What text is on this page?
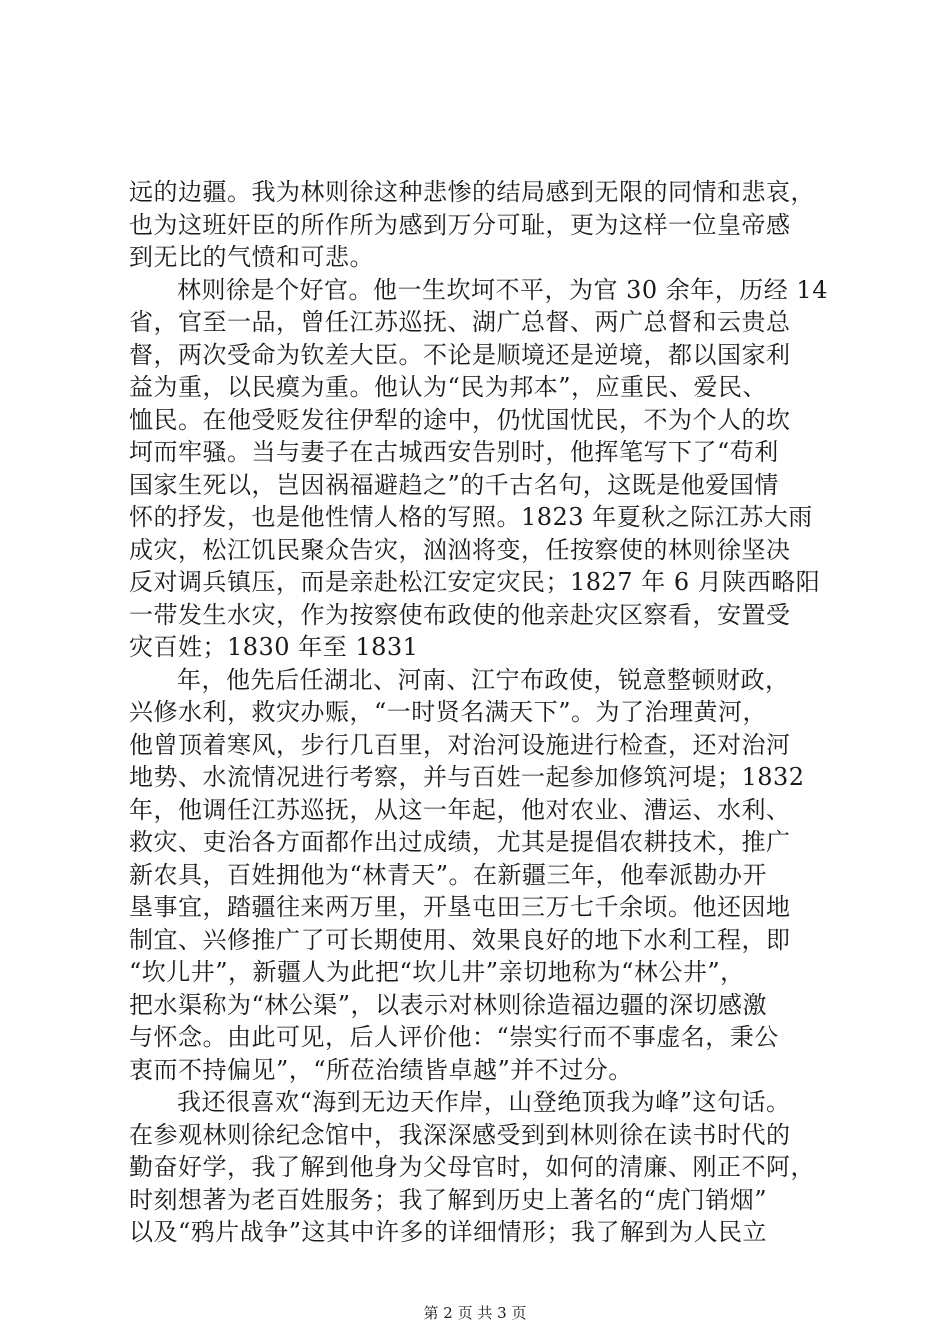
远的边疆。我为林则徐这种悲惨的结局感到无限的同情和悲哀，
也为这班奸臣的所作所为感到万分可耻，更为这样一位皇帝感
到无比的气愤和可悲。
林则徐是个好官。他一生坎坷不平，为官 30 余年，历经 14
省，官至一品，曾任江苏巡抚、湖广总督、两广总督和云贵总
督，两次受命为钦差大臣。不论是顺境还是逆境，都以国家利
益为重，以民瘼为重。他认为“民为邦本”，应重民、爱民、
恤民。在他受贬发往伊犁的途中，仍忧国忧民，不为个人的坎
坷而牢骚。当与妻子在古城西安告别时，他挥笔写下了“苟利
国家生死以，岂因祸福避趋之”的千古名句，这既是他爱国情
怀的抒发，也是他性情人格的写照。1823 年夏秋之际江苏大雨
成灾，松江饥民聚众告灾，汹汹将变，任按察使的林则徐坚决
反对调兵镇压，而是亲赴松江安定灾民；1827 年 6 月陕西略阳
一带发生水灾，作为按察使布政使的他亲赴灾区察看，安置受
灾百姓；1830 年至 1831
年，他先后任湖北、河南、江宁布政使，锐意整顿财政，
兴修水利，救灾办赈，“一时贤名满天下”。为了治理黄河，
他曾顶着寒风，步行几百里，对治河设施进行检查，还对治河
地势、水流情况进行考察，并与百姓一起参加修筑河堤；1832
年，他调任江苏巡抚，从这一年起，他对农业、漕运、水利、
救灾、吏治各方面都作出过成绩，尤其是提倡农耕技术，推广
新农具，百姓拥他为“林青天”。在新疆三年，他奉派勘办开
垦事宜，踏疆往来两万里，开垦屯田三万七千余顷。他还因地
制宜、兴修推广了可长期使用、效果良好的地下水利工程，即
“坎儿井”，新疆人为此把“坎儿井”亲切地称为“林公井”，
把水渠称为“林公渠”，以表示对林则徐造福边疆的深切感激
与怀念。由此可见，后人评价他：“崇实行而不事虚名，秉公
衷而不持偏见”，“所莅治绩皆卓越”并不过分。
我还很喜欢“海到无边天作岸，山登绝顶我为峰”这句话。
在参观林则徐纪念馆中，我深深感受到到林则徐在读书时代的
勤奋好学，我了解到他身为父母官时，如何的清廉、刚正不阿，
时刻想著为老百姓服务；我了解到历史上著名的“虎门销烟”
以及“鸦片战争”这其中许多的详细情形；我了解到为人民立
第 2 页 共 3 页
